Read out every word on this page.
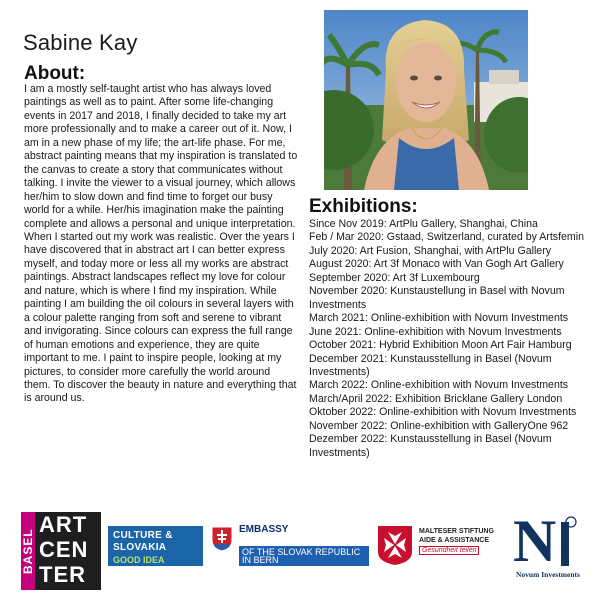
Sabine Kay
About:
I am a mostly self-taught artist who has always loved paintings as well as to paint. After some life-changing events in 2017 and 2018, I finally decided to take my art more professionally and to make a career out of it. Now, I am in a new phase of my life; the art-life phase. For me, abstract painting means that my inspiration is translated to the canvas to create a story that communicates without talking. I invite the viewer to a visual journey, which allows her/him to slow down and find time to forget our busy world for a while. Her/his imagination make the painting complete and allows a personal and unique interpretation. When I started out my work was realistic. Over the years I have discovered that in abstract art I can better express myself, and today more or less all my works are abstract paintings. Abstract landscapes reflect my love for colour and nature, which is where I find my inspiration. While painting I am building the oil colours in several layers with a colour palette ranging from soft and serene to vibrant and invigorating. Since colours can express the full range of human emotions and experience, they are quite important to me. I paint to inspire people, looking at my pictures, to consider more carefully the world around them. To discover the beauty in nature and everything that is around us.
Exhibitions:
Since Nov 2019: ArtPlu Gallery, Shanghai, China
Feb / Mar 2020: Gstaad, Switzerland, curated by Artsfemin
July 2020: Art Fusion, Shanghai, with ArtPlu Gallery
August 2020: Art 3f Monaco with Van Gogh Art Gallery
September 2020: Art 3f Luxembourg
November 2020: Kunstaustellung in Basel with Novum Investments
March 2021: Online-exhibition with Novum Investments
June 2021: Online-exhibition with Novum Investments
October 2021: Hybrid Exhibition Moon Art Fair Hamburg
December 2021: Kunstausstellung in Basel (Novum Investments)
March 2022: Online-exhibition with Novum Investments
March/April 2022: Exhibition Bricklane Gallery London
Oktober 2022: Online-exhibition with Novum Investments
November 2022: Online-exhibition with GalleryOne 962
Dezember 2022: Kunstausstellung in Basel (Novum Investments)
BASEL
ART
CEN
TER
CULTURE &
SLOVAKIA
GOOD IDEA
EMBASSY
OF THE SLOVAK REPUBLIC
IN BERN
MALTESER STIFTUNG
AIDE & ASSISTANCE
Gesundheit teilen N
Novum Investments
